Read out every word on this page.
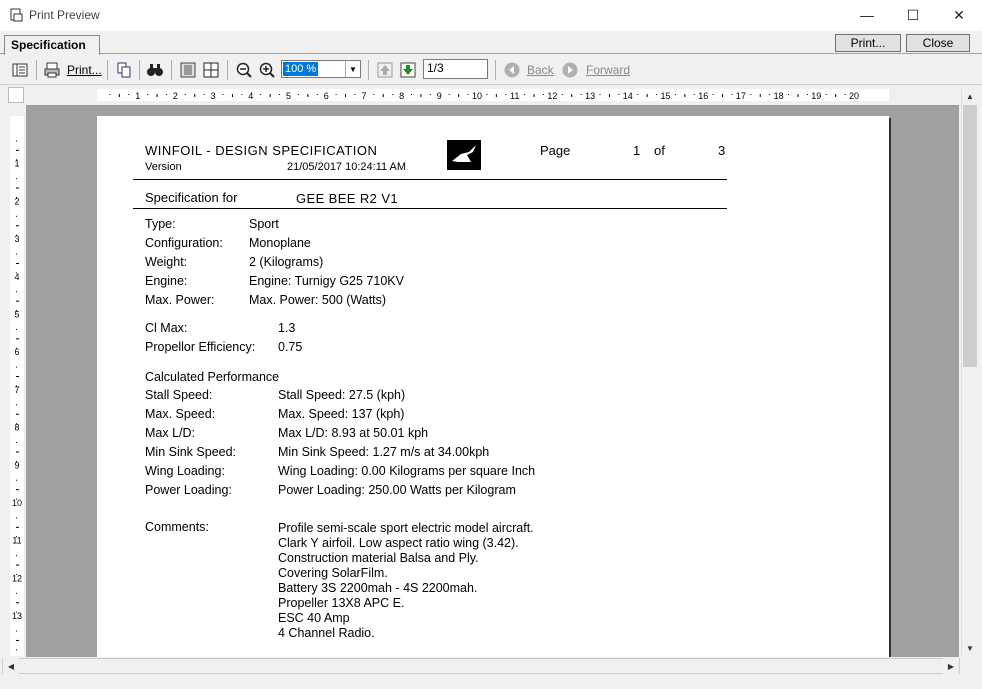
Print Preview	— ☐ ✕
Specification	Print...	Close
Print...	Back	Forward
100 %	▼	1/3
1	2	3	4	5	6	7	8	9	10	11	12	13	14	15	16	17	18	19	20
1
2
3
4
5
6
7
8
9
10
11
12
13
WINFOIL - DESIGN SPECIFICATION
Version	21/05/2017 10:24:11 AM
Page	1 of	3
Specification for	GEE BEE R2 V1
Type:	Sport
Configuration: Monoplane
Weight:	2 (Kilograms)
Engine:	Engine: Turnigy G25 710KV
Max. Power:	Max. Power: 500 (Watts)
Cl Max:	1.3
Propellor Efficiency: 0.75
Calculated Performance
Stall Speed:	Stall Speed: 27.5 (kph)
Max. Speed:	Max. Speed: 137 (kph)
Max L/D:	Max L/D: 8.93 at 50.01 kph
Min Sink Speed:	Min Sink Speed: 1.27 m/s at 34.00kph
Wing Loading:	Wing Loading: 0.00 Kilograms per square Inch
Power Loading:	Power Loading: 250.00 Watts per Kilogram
Comments:	Profile semi-scale sport electric model aircraft.
Clark Y airfoil. Low aspect ratio wing (3.42).
Construction material Balsa and Ply.
Covering SolarFilm.
Battery 3S 2200mah - 4S 2200mah.
Propeller 13X8 APC E.
ESC 40 Amp
4 Channel Radio.
▲
▼
◀	▶
